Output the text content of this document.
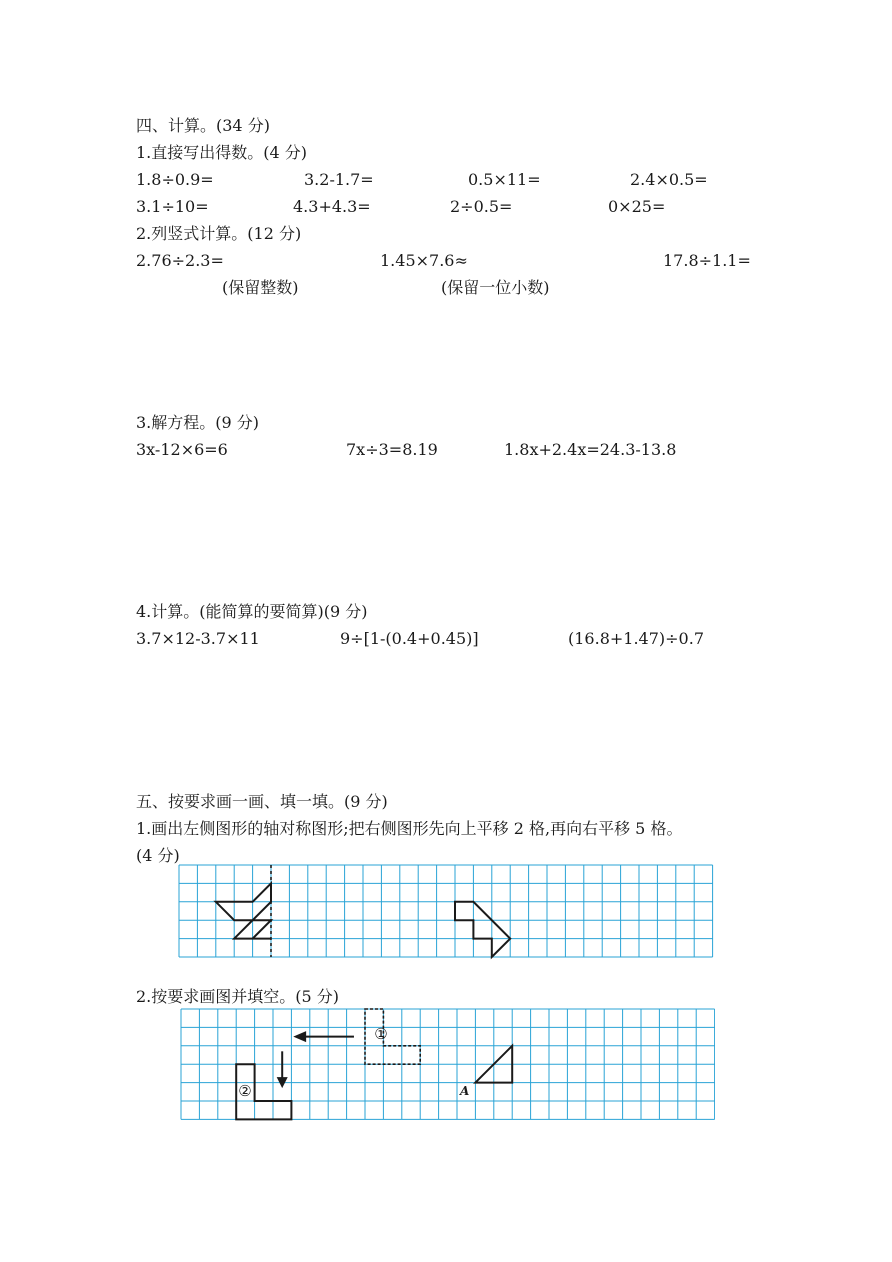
四、计算。(34 分)
1.直接写出得数。(4 分)
1.8÷0.9=	3.2-1.7=	0.5×11=	2.4×0.5=
3.1÷10=	4.3+4.3=	2÷0.5=	0×25=
2.列竖式计算。(12 分)
2.76÷2.3=	1.45×7.6≈	17.8÷1.1=
(保留整数)	(保留一位小数)
3.解方程。(9 分)
3x-12×6=6	7x÷3=8.19	1.8x+2.4x=24.3-13.8
4.计算。(能简算的要简算)(9 分)
3.7×12-3.7×11	9÷[1-(0.4+0.45)]	(16.8+1.47)÷0.7
五、按要求画一画、填一填。(9 分)
1.画出左侧图形的轴对称图形;把右侧图形先向上平移 2 格,再向右平移 5 格。
(4 分)
2.按要求画图并填空。(5 分)
①
②	A
